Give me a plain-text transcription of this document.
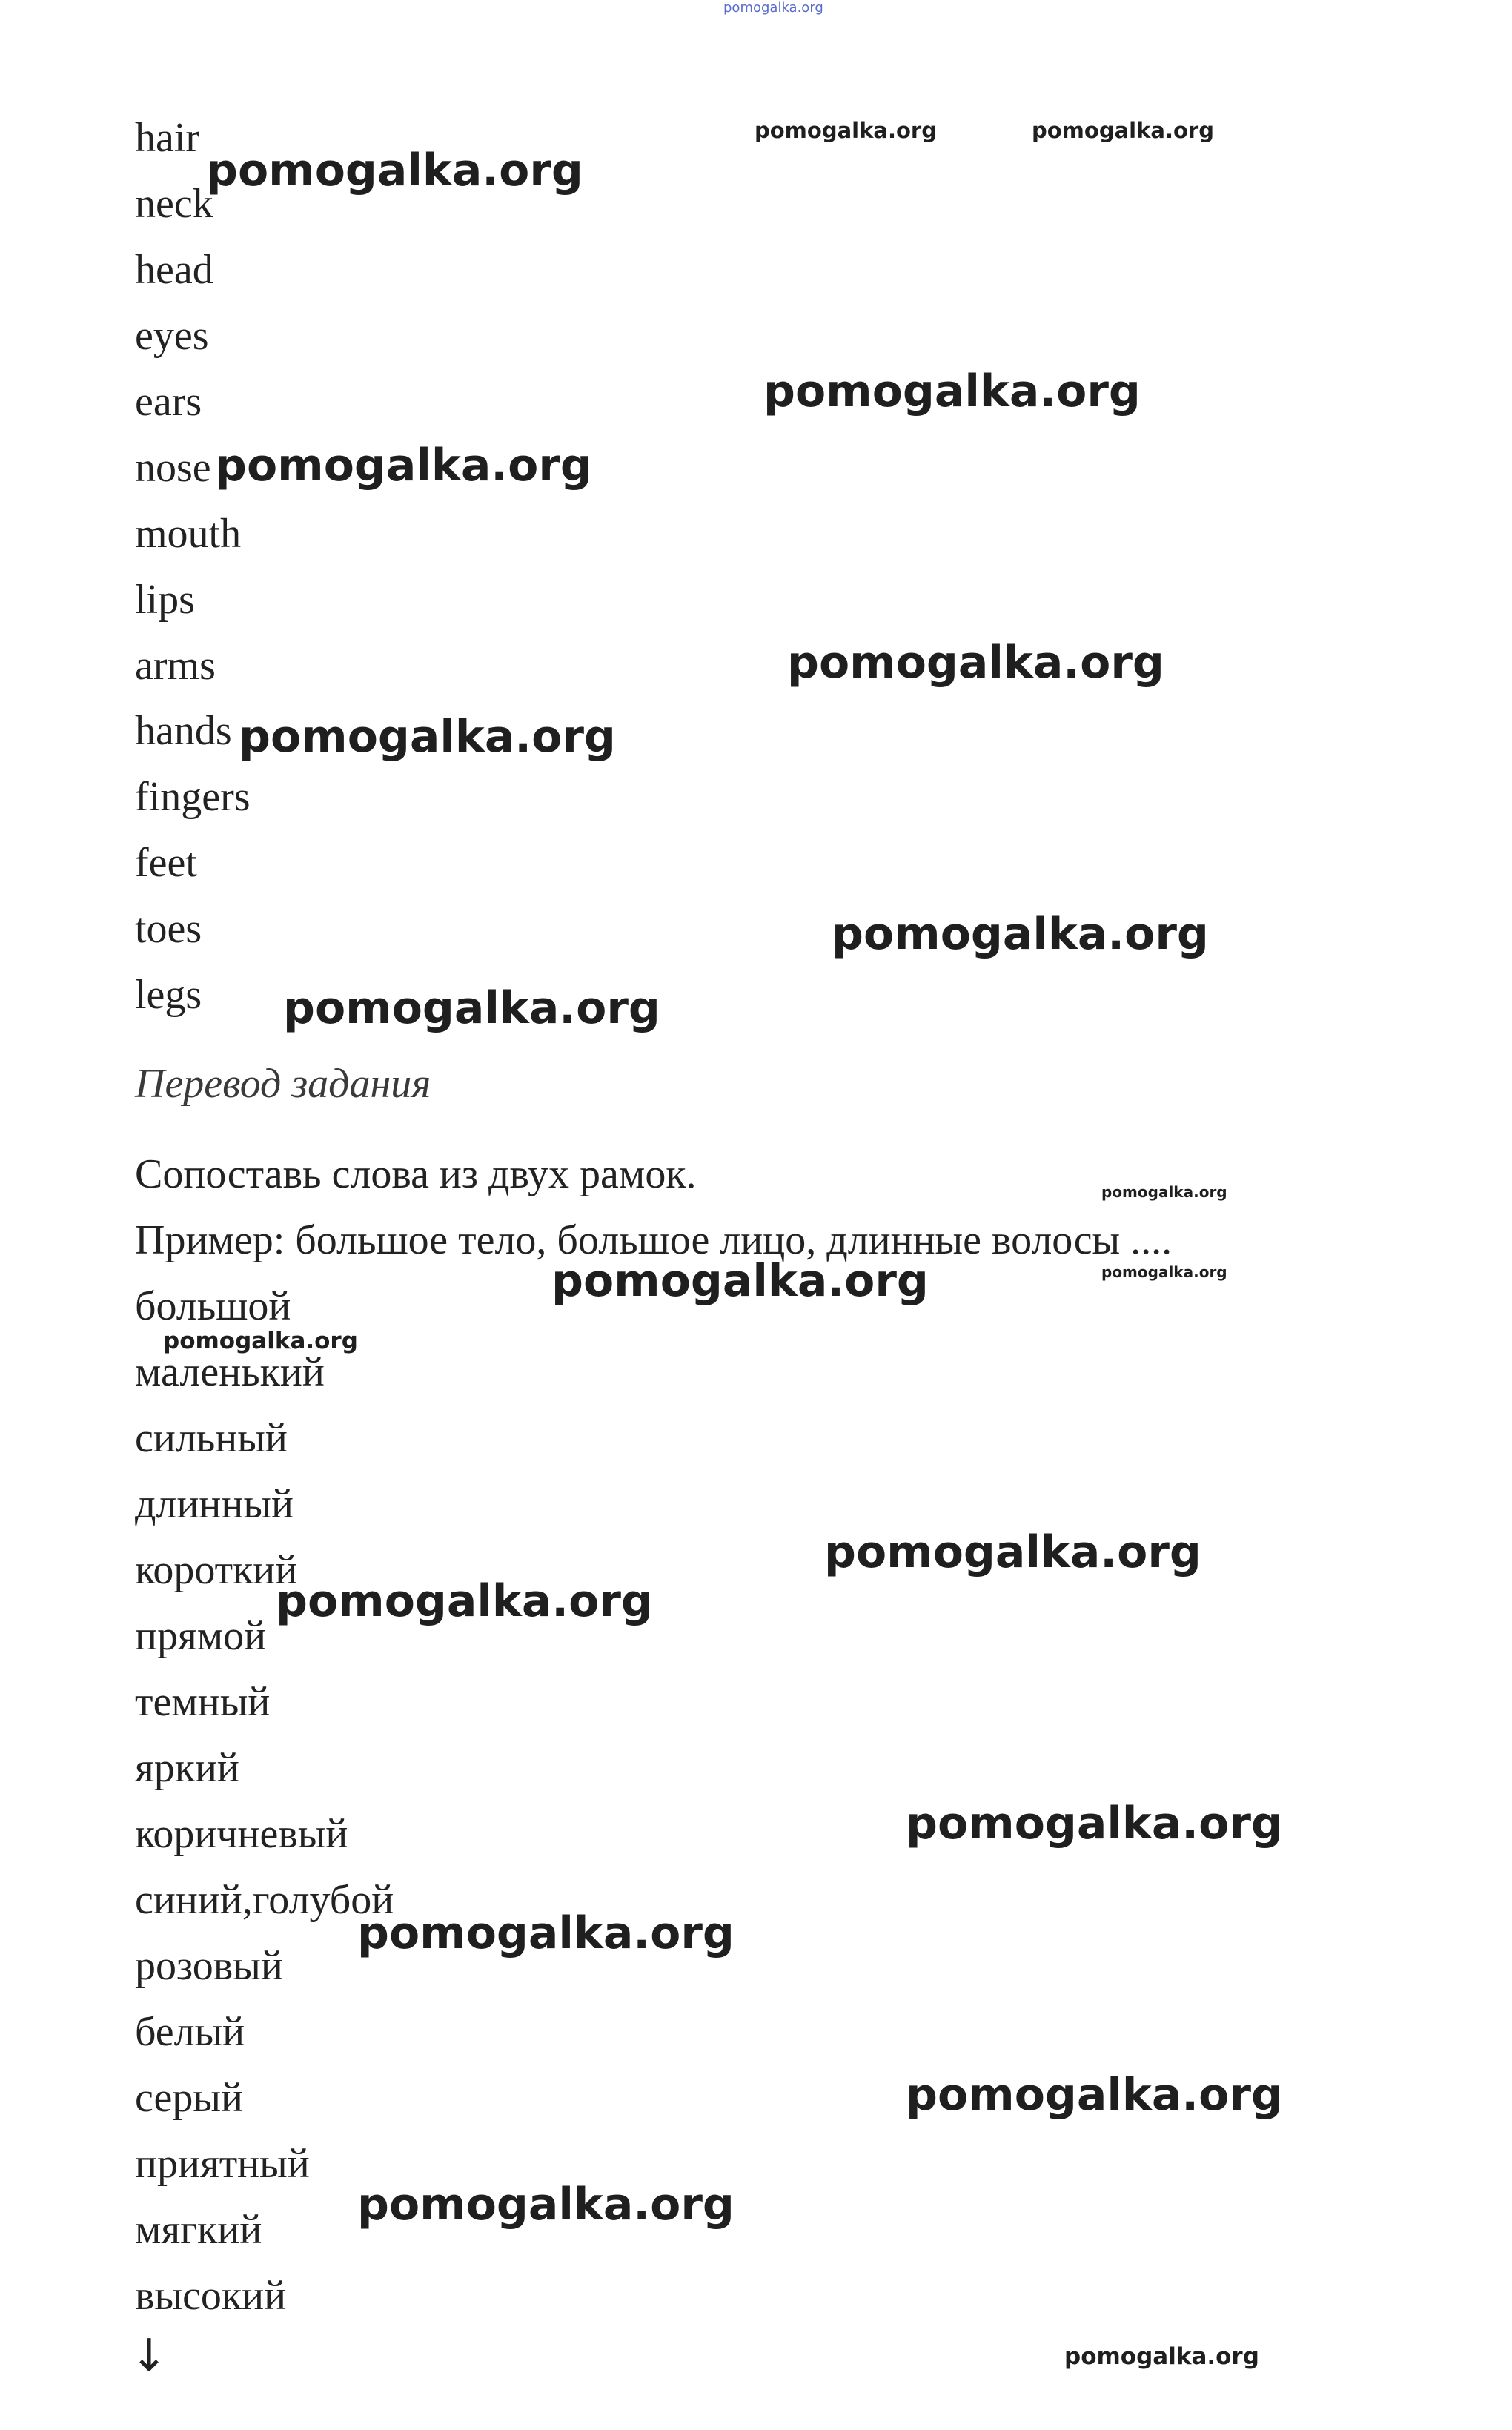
pomogalka.org
hair
neck
head
eyes
ears
nose
mouth
lips
arms
hands
fingers
feet
toes
legs
Перевод задания
Сопоставь слова из двух рамок.
Пример: большое тело, большое лицо, длинные волосы ....
большой
маленький
сильный
длинный
короткий
прямой
темный
яркий
коричневый
синий,голубой
розовый
белый
серый
приятный
мягкий
высокий
↓
pomogalka.org	pomogalka.org
pomogalka.org
pomogalka.org
pomogalka.org
pomogalka.org
pomogalka.org
pomogalka.org
pomogalka.org
pomogalka.org
pomogalka.org	pomogalka.org
pomogalka.org
pomogalka.org
pomogalka.org
pomogalka.org
pomogalka.org
pomogalka.org
pomogalka.org
pomogalka.org
